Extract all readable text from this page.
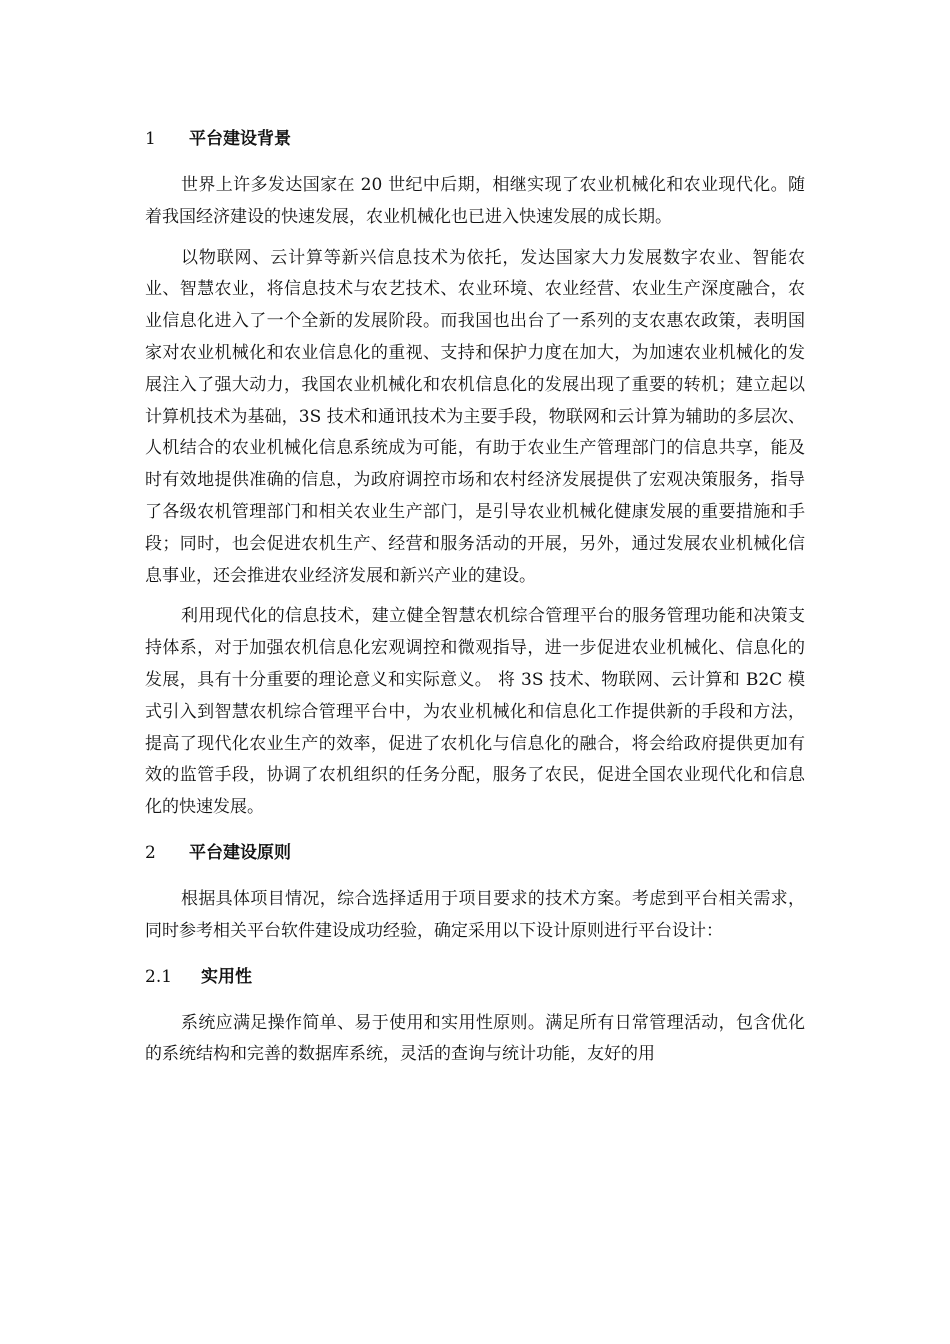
1	平台建设背景

世界上许多发达国家在 20 世纪中后期，相继实现了农业机械化和农业现代化。随着我国经济建设的快速发展，农业机械化也已进入快速发展的成长期。

以物联网、云计算等新兴信息技术为依托，发达国家大力发展数字农业、智能农业、智慧农业，将信息技术与农艺技术、农业环境、农业经营、农业生产深度融合，农业信息化进入了一个全新的发展阶段。而我国也出台了一系列的支农惠农政策，表明国家对农业机械化和农业信息化的重视、支持和保护力度在加大，为加速农业机械化的发展注入了强大动力，我国农业机械化和农机信息化的发展出现了重要的转机；建立起以计算机技术为基础，3S 技术和通讯技术为主要手段，物联网和云计算为辅助的多层次、人机结合的农业机械化信息系统成为可能，有助于农业生产管理部门的信息共享，能及时有效地提供准确的信息，为政府调控市场和农村经济发展提供了宏观决策服务，指导了各级农机管理部门和相关农业生产部门，是引导农业机械化健康发展的重要措施和手段；同时，也会促进农机生产、经营和服务活动的开展，另外，通过发展农业机械化信息事业，还会推进农业经济发展和新兴产业的建设。

利用现代化的信息技术，建立健全智慧农机综合管理平台的服务管理功能和决策支持体系，对于加强农机信息化宏观调控和微观指导，进一步促进农业机械化、信息化的发展，具有十分重要的理论意义和实际意义。 将 3S 技术、物联网、云计算和 B2C 模式引入到智慧农机综合管理平台中，为农业机械化和信息化工作提供新的手段和方法，提高了现代化农业生产的效率，促进了农机化与信息化的融合，将会给政府提供更加有效的监管手段，协调了农机组织的任务分配，服务了农民，促进全国农业现代化和信息化的快速发展。

2	平台建设原则

根据具体项目情况，综合选择适用于项目要求的技术方案。考虑到平台相关需求，同时参考相关平台软件建设成功经验，确定采用以下设计原则进行平台设计：

2.1	实用性

系统应满足操作简单、易于使用和实用性原则。满足所有日常管理活动，包含优化的系统结构和完善的数据库系统，灵活的查询与统计功能，友好的用
